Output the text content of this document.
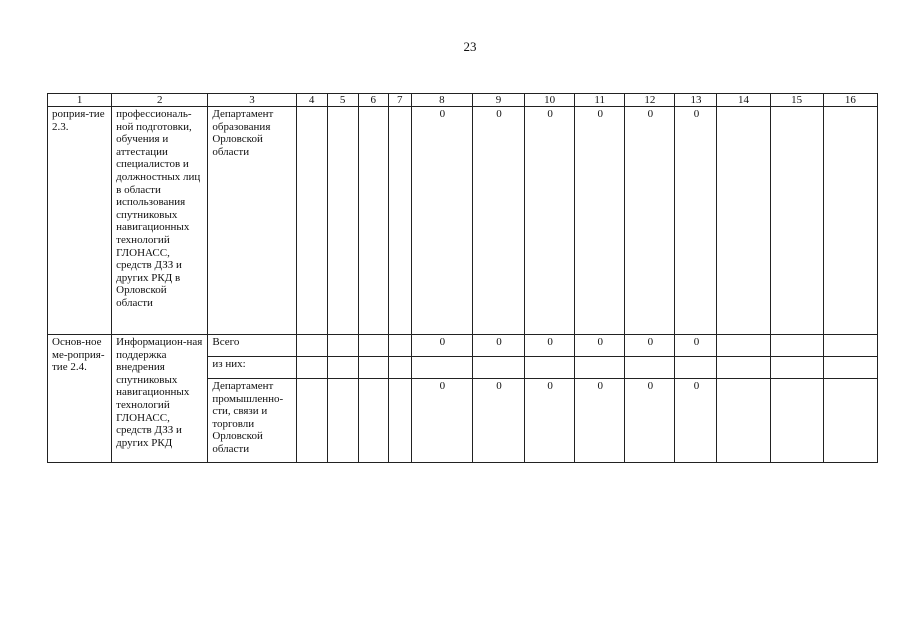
23
1	2	3	4	5	6	7	8	9	10	11	12	13	14	15	16
роприя-тие 2.3.	профессиональ-ной подготовки, обучения и аттестации специалистов и должностных лиц в области использования спутниковых навигационных технологий ГЛОНАСС, средств ДЗЗ и других РКД в Орловской области	Департамент образования Орловской области					0	0	0	0	0	0			
Основ-ное ме-роприя-тие 2.4.	Информацион-ная поддержка внедрения спутниковых навигационных технологий ГЛОНАСС, средств ДЗЗ и других РКД	Всего					0	0	0	0	0	0			
		из них:													
		Департамент промышленно-сти, связи и торговли Орловской области					0	0	0	0	0	0			
